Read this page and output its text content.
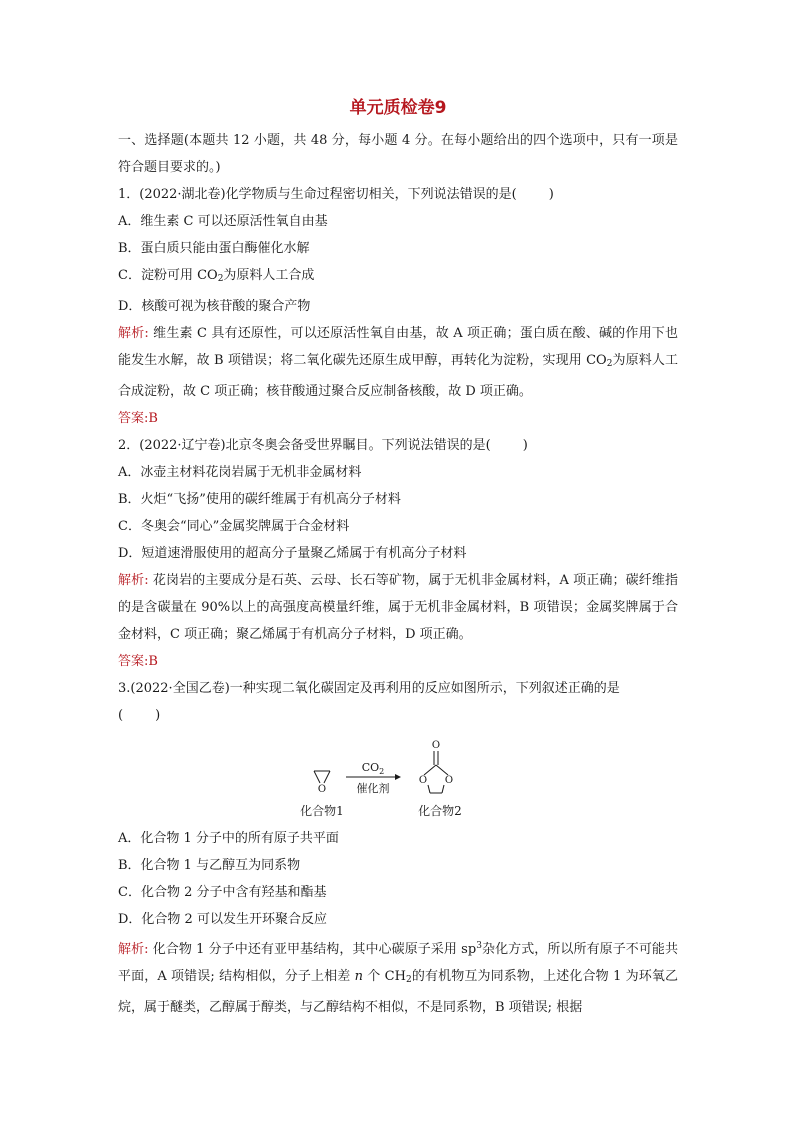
单元质检卷9

一、选择题(本题共 12 小题，共 48 分，每小题 4 分。在每小题给出的四个选项中，只有一项是符合题目要求的。)

1．(2022·湖北卷)化学物质与生命过程密切相关，下列说法错误的是( )

A．维生素 C 可以还原活性氧自由基

B．蛋白质只能由蛋白酶催化水解

C．淀粉可用 $CO_2$为原料人工合成

D．核酸可视为核苷酸的聚合产物

解析: 维生素 C 具有还原性，可以还原活性氧自由基，故 A 项正确；蛋白质在酸、碱的作用下也能发生水解，故 B 项错误；将二氧化碳先还原生成甲醇，再转化为淀粉，实现用 $CO_2$为原料人工合成淀粉，故 C 项正确；核苷酸通过聚合反应制备核酸，故 D 项正确。

答案:B

2．(2022·辽宁卷)北京冬奥会备受世界瞩目。下列说法错误的是( )

A．冰壶主材料花岗岩属于无机非金属材料

B．火炬“飞扬”使用的碳纤维属于有机高分子材料

C．冬奥会“同心”金属奖牌属于合金材料

D．短道速滑服使用的超高分子量聚乙烯属于有机高分子材料

解析: 花岗岩的主要成分是石英、云母、长石等矿物，属于无机非金属材料，A 项正确；碳纤维指的是含碳量在 90%以上的高强度高模量纤维，属于无机非金属材料，B 项错误；金属奖牌属于合金材料，C 项正确；聚乙烯属于有机高分子材料，D 项正确。

答案:B

3.(2022·全国乙卷)一种实现二氧化碳固定及再利用的反应如图所示，下列叙述正确的是
( )

O
$CO_2$
催化剂
O
O O
化合物1	化合物2

A．化合物 1 分子中的所有原子共平面

B．化合物 1 与乙醇互为同系物

C．化合物 2 分子中含有羟基和酯基

D．化合物 2 可以发生开环聚合反应

解析: 化合物 1 分子中还有亚甲基结构，其中心碳原子采用 $sp^3$杂化方式，所以所有原子不可能共平面，A 项错误; 结构相似，分子上相差 n 个 $CH_2$的有机物互为同系物，上述化合物 1 为环氧乙烷，属于醚类，乙醇属于醇类，与乙醇结构不相似，不是同系物，B 项错误; 根据
